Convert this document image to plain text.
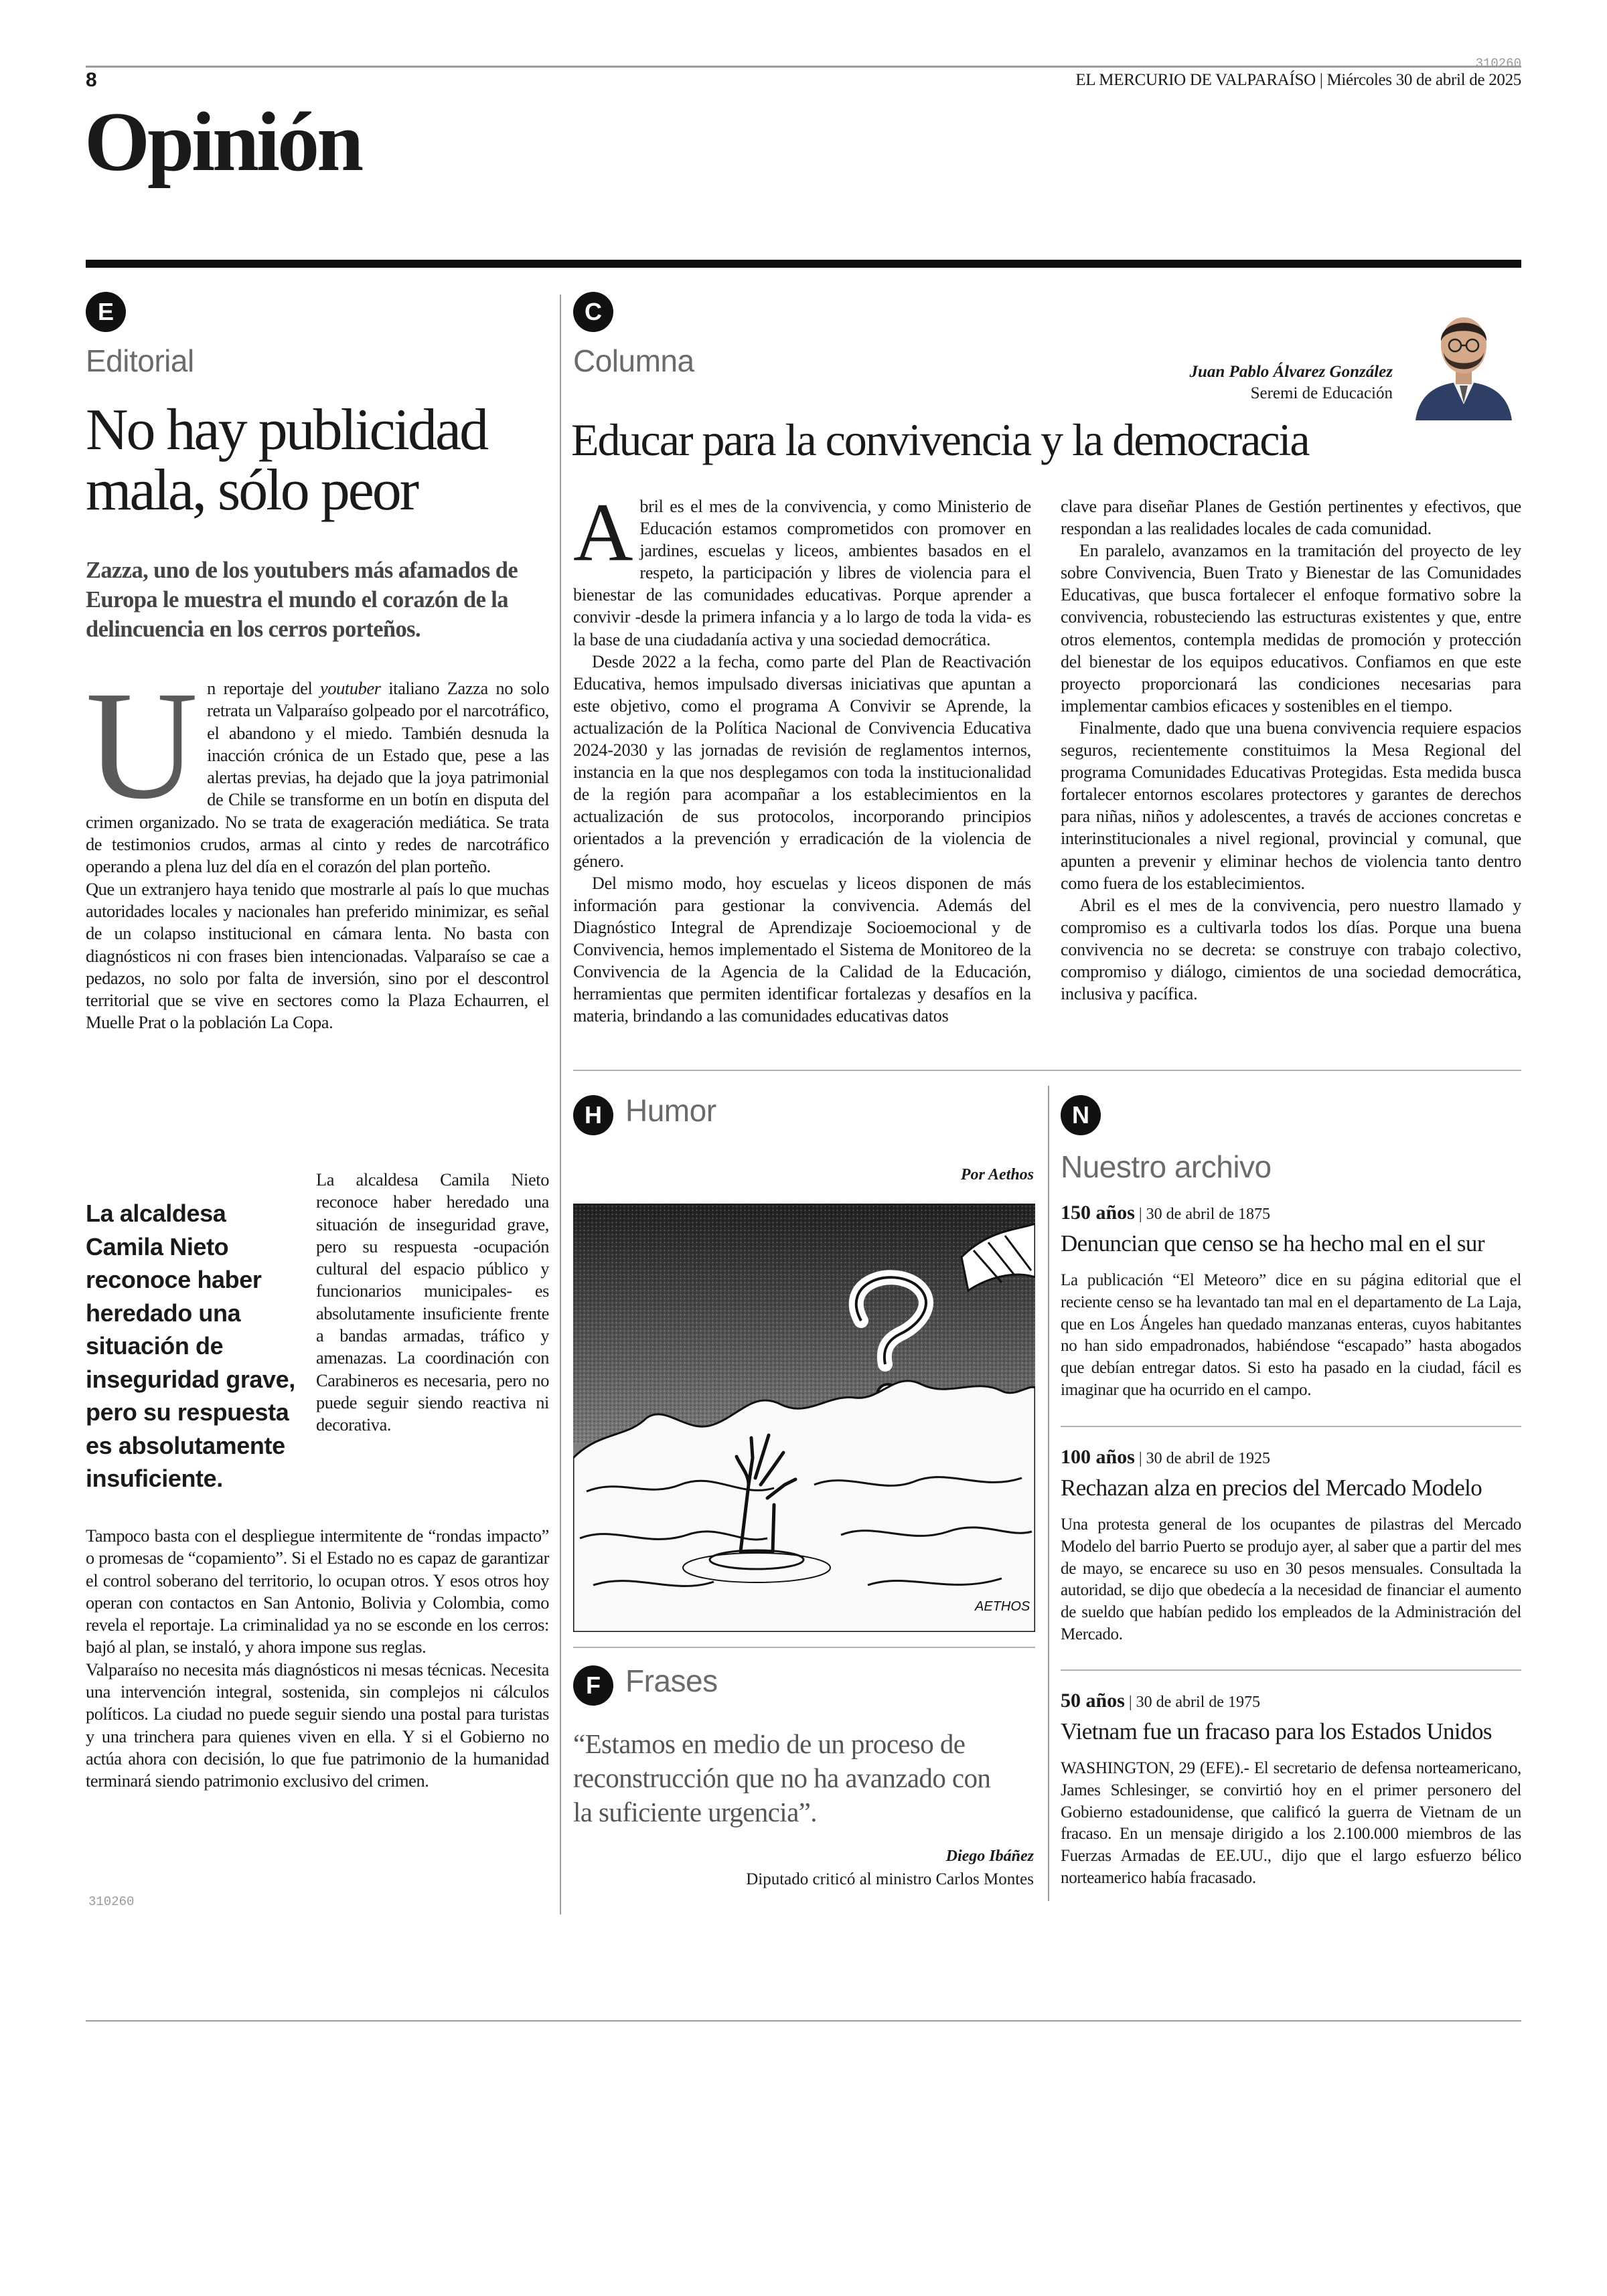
8
310260
EL MERCURIO DE VALPARAÍSO | Miércoles 30 de abril de 2025
Opinión
E
Editorial
No hay publicidad
mala, sólo peor
Zazza, uno de los youtubers más afamados de Europa le muestra el mundo el corazón de la delincuencia en los cerros porteños.

Un reportaje del youtuber italiano Zazza no solo retrata un Valparaíso golpeado por el narcotráfico, el abandono y el miedo. También desnuda la inacción crónica de un Estado que, pese a las alertas previas, ha dejado que la joya patrimonial de Chile se transforme en un botín en disputa del crimen organizado. No se trata de exageración mediática. Se trata de testimonios crudos, armas al cinto y redes de narcotráfico operando a plena luz del día en el corazón del plan porteño.

Que un extranjero haya tenido que mostrarle al país lo que muchas autoridades locales y nacionales han preferido minimizar, es señal de un colapso institucional en cámara lenta. No basta con diagnósticos ni con frases bien intencionadas. Valparaíso se cae a pedazos, no solo por falta de inversión, sino por el descontrol territorial que se vive en sectores como la Plaza Echaurren, el Muelle Prat o la población La Copa.

La alcaldesa Camila Nieto reconoce haber heredado una situación de inseguridad grave, pero su respuesta es absolutamente insuficiente.
La alcaldesa Camila Nieto reconoce haber heredado una situación de inseguridad grave, pero su respuesta -ocupación cultural del espacio público y funcionarios municipales- es absolutamente insuficiente frente a bandas armadas, tráfico y amenazas. La coordinación con Carabineros es necesaria, pero no puede seguir siendo reactiva ni decorativa.

Tampoco basta con el despliegue intermitente de “rondas impacto” o promesas de “copamiento”. Si el Estado no es capaz de garantizar el control soberano del territorio, lo ocupan otros. Y esos otros hoy operan con contactos en San Antonio, Bolivia y Colombia, como revela el reportaje. La criminalidad ya no se esconde en los cerros: bajó al plan, se instaló, y ahora impone sus reglas.

Valparaíso no necesita más diagnósticos ni mesas técnicas. Necesita una intervención integral, sostenida, sin complejos ni cálculos políticos. La ciudad no puede seguir siendo una postal para turistas y una trinchera para quienes viven en ella. Y si el Gobierno no actúa ahora con decisión, lo que fue patrimonio de la humanidad terminará siendo patrimonio exclusivo del crimen.

310260
C
Columna	Juan Pablo Álvarez González
Seremi de Educación
Educar para la convivencia y la democracia

Abril es el mes de la convivencia, y como Ministerio de Educación estamos comprometidos con promover en jardines, escuelas y liceos, ambientes basados en el respeto, la participación y libres de violencia para el bienestar de las comunidades educativas. Porque aprender a convivir -desde la primera infancia y a lo largo de toda la vida- es la base de una ciudadanía activa y una sociedad democrática.

Desde 2022 a la fecha, como parte del Plan de Reactivación Educativa, hemos impulsado diversas iniciativas que apuntan a este objetivo, como el programa A Convivir se Aprende, la actualización de la Política Nacional de Convivencia Educativa 2024-2030 y las jornadas de revisión de reglamentos internos, instancia en la que nos desplegamos con toda la institucionalidad de la región para acompañar a los establecimientos en la actualización de sus protocolos, incorporando principios orientados a la prevención y erradicación de la violencia de género.

Del mismo modo, hoy escuelas y liceos disponen de más información para gestionar la convivencia. Además del Diagnóstico Integral de Aprendizaje Socioemocional y de Convivencia, hemos implementado el Sistema de Monitoreo de la Convivencia de la Agencia de la Calidad de la Educación, herramientas que permiten identificar fortalezas y desafíos en la materia, brindando a las comunidades educativas datos

clave para diseñar Planes de Gestión pertinentes y efectivos, que respondan a las realidades locales de cada comunidad.

En paralelo, avanzamos en la tramitación del proyecto de ley sobre Convivencia, Buen Trato y Bienestar de las Comunidades Educativas, que busca fortalecer el enfoque formativo sobre la convivencia, robusteciendo las estructuras existentes y que, entre otros elementos, contempla medidas de promoción y protección del bienestar de los equipos educativos. Confiamos en que este proyecto proporcionará las condiciones necesarias para implementar cambios eficaces y sostenibles en el tiempo.

Finalmente, dado que una buena convivencia requiere espacios seguros, recientemente constituimos la Mesa Regional del programa Comunidades Educativas Protegidas. Esta medida busca fortalecer entornos escolares protectores y garantes de derechos para niñas, niños y adolescentes, a través de acciones concretas e interinstitucionales a nivel regional, provincial y comunal, que apunten a prevenir y eliminar hechos de violencia tanto dentro como fuera de los establecimientos.

Abril es el mes de la convivencia, pero nuestro llamado y compromiso es a cultivarla todos los días. Porque una buena convivencia no se decreta: se construye con trabajo colectivo, compromiso y diálogo, cimientos de una sociedad democrática, inclusiva y pacífica.

H Humor
Por Aethos
AETHOS
F Frases
“Estamos en medio de un proceso de reconstrucción que no ha avanzado con la suficiente urgencia”.
Diego Ibáñez
Diputado criticó al ministro Carlos Montes
N
Nuestro archivo
150 años | 30 de abril de 1875
Denuncian que censo se ha hecho mal en el sur
La publicación “El Meteoro” dice en su página editorial que el reciente censo se ha levantado tan mal en el departamento de La Laja, que en Los Ángeles han quedado manzanas enteras, cuyos habitantes no han sido empadronados, habiéndose “escapado” hasta abogados que debían entregar datos. Si esto ha pasado en la ciudad, fácil es imaginar que ha ocurrido en el campo.
100 años | 30 de abril de 1925
Rechazan alza en precios del Mercado Modelo
Una protesta general de los ocupantes de pilastras del Mercado Modelo del barrio Puerto se produjo ayer, al saber que a partir del mes de mayo, se encarece su uso en 30 pesos mensuales. Consultada la autoridad, se dijo que obedecía a la necesidad de financiar el aumento de sueldo que habían pedido los empleados de la Administración del Mercado.
50 años | 30 de abril de 1975
Vietnam fue un fracaso para los Estados Unidos
WASHINGTON, 29 (EFE).- El secretario de defensa norteamericano, James Schlesinger, se convirtió hoy en el primer personero del Gobierno estadounidense, que calificó la guerra de Vietnam de un fracaso. En un mensaje dirigido a los 2.100.000 miembros de las Fuerzas Armadas de EE.UU., dijo que el largo esfuerzo bélico norteamerico había fracasado.
